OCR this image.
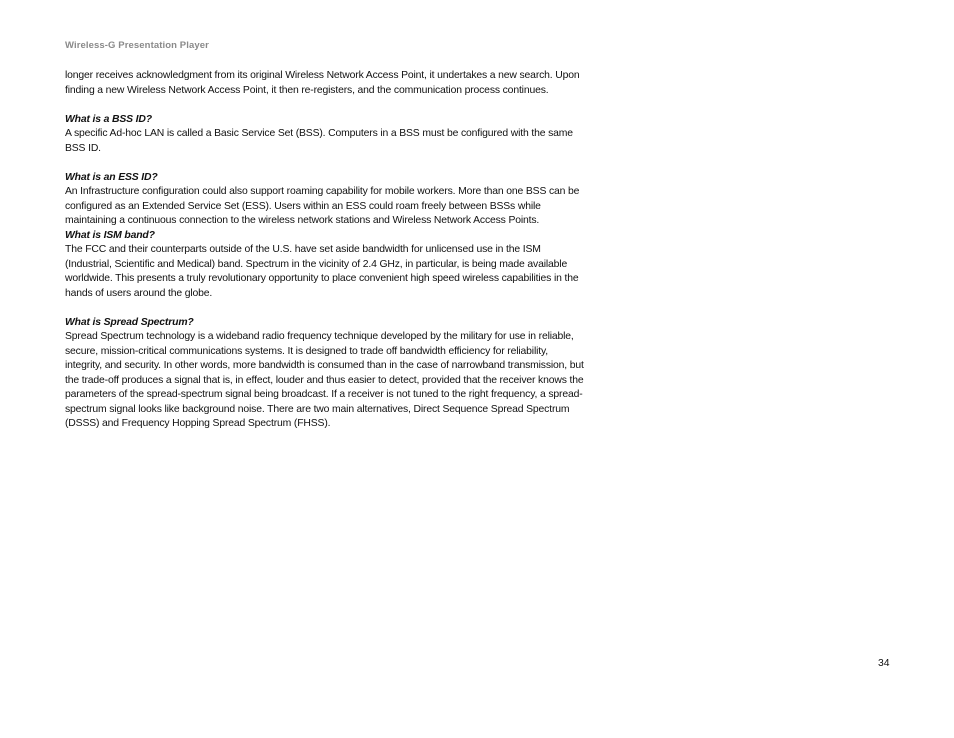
Wireless-G Presentation Player

longer receives acknowledgment from its original Wireless Network Access Point, it undertakes a new search. Upon finding a new Wireless Network Access Point, it then re-registers, and the communication process continues.

What is a BSS ID?

A specific Ad-hoc LAN is called a Basic Service Set (BSS). Computers in a BSS must be configured with the same BSS ID.

What is an ESS ID?

An Infrastructure configuration could also support roaming capability for mobile workers. More than one BSS can be configured as an Extended Service Set (ESS). Users within an ESS could roam freely between BSSs while maintaining a continuous connection to the wireless network stations and Wireless Network Access Points.

What is ISM band?

The FCC and their counterparts outside of the U.S. have set aside bandwidth for unlicensed use in the ISM (Industrial, Scientific and Medical) band. Spectrum in the vicinity of 2.4 GHz, in particular, is being made available worldwide. This presents a truly revolutionary opportunity to place convenient high speed wireless capabilities in the hands of users around the globe.

What is Spread Spectrum?

Spread Spectrum technology is a wideband radio frequency technique developed by the military for use in reliable, secure, mission-critical communications systems. It is designed to trade off bandwidth efficiency for reliability, integrity, and security. In other words, more bandwidth is consumed than in the case of narrowband transmission, but the trade-off produces a signal that is, in effect, louder and thus easier to detect, provided that the receiver knows the parameters of the spread-spectrum signal being broadcast. If a receiver is not tuned to the right frequency, a spread-spectrum signal looks like background noise. There are two main alternatives, Direct Sequence Spread Spectrum (DSSS) and Frequency Hopping Spread Spectrum (FHSS).

34
